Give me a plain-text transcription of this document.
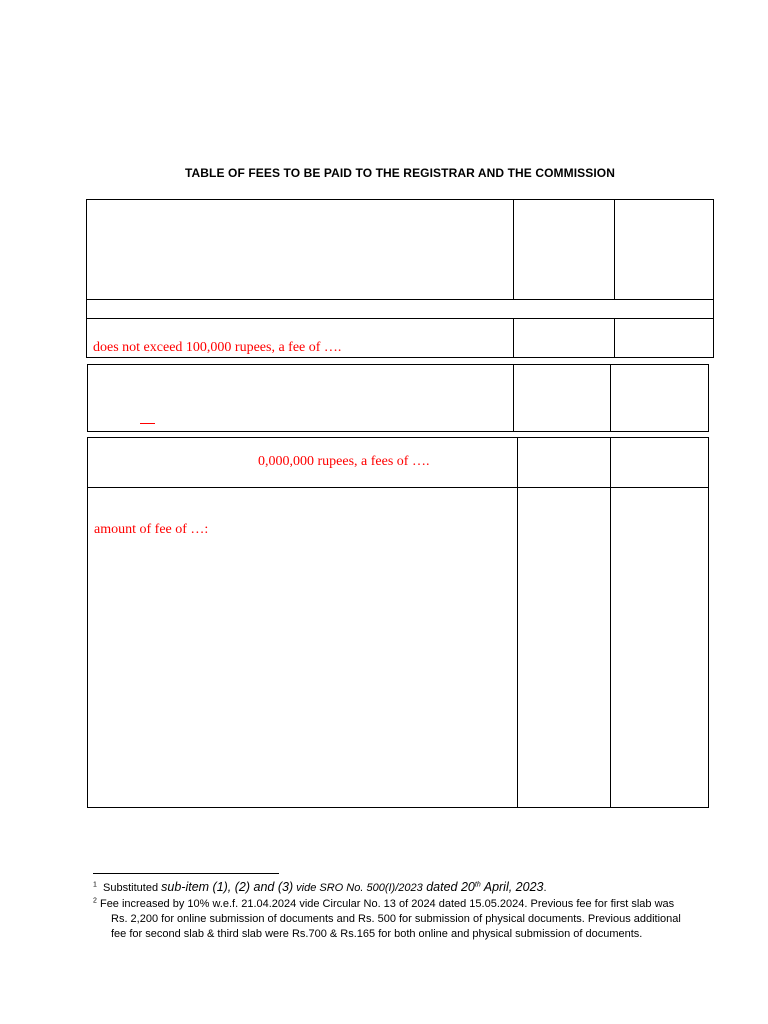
TABLE OF FEES TO BE PAID TO THE REGISTRAR AND THE COMMISSION
does not exceed 100,000 rupees, a fee of ….
0,000,000 rupees, a fees of ….
amount of fee of …:
$^1$ Substituted sub-item (1), (2) and (3) vide SRO No. 500(I)/2023 dated 20th April, 2023.
$^2$ Fee increased by 10% w.e.f. 21.04.2024 vide Circular No. 13 of 2024 dated 15.05.2024. Previous fee for first slab was
Rs. 2,200 for online submission of documents and Rs. 500 for submission of physical documents. Previous additional
fee for second slab & third slab were Rs.700 & Rs.165 for both online and physical submission of documents.
